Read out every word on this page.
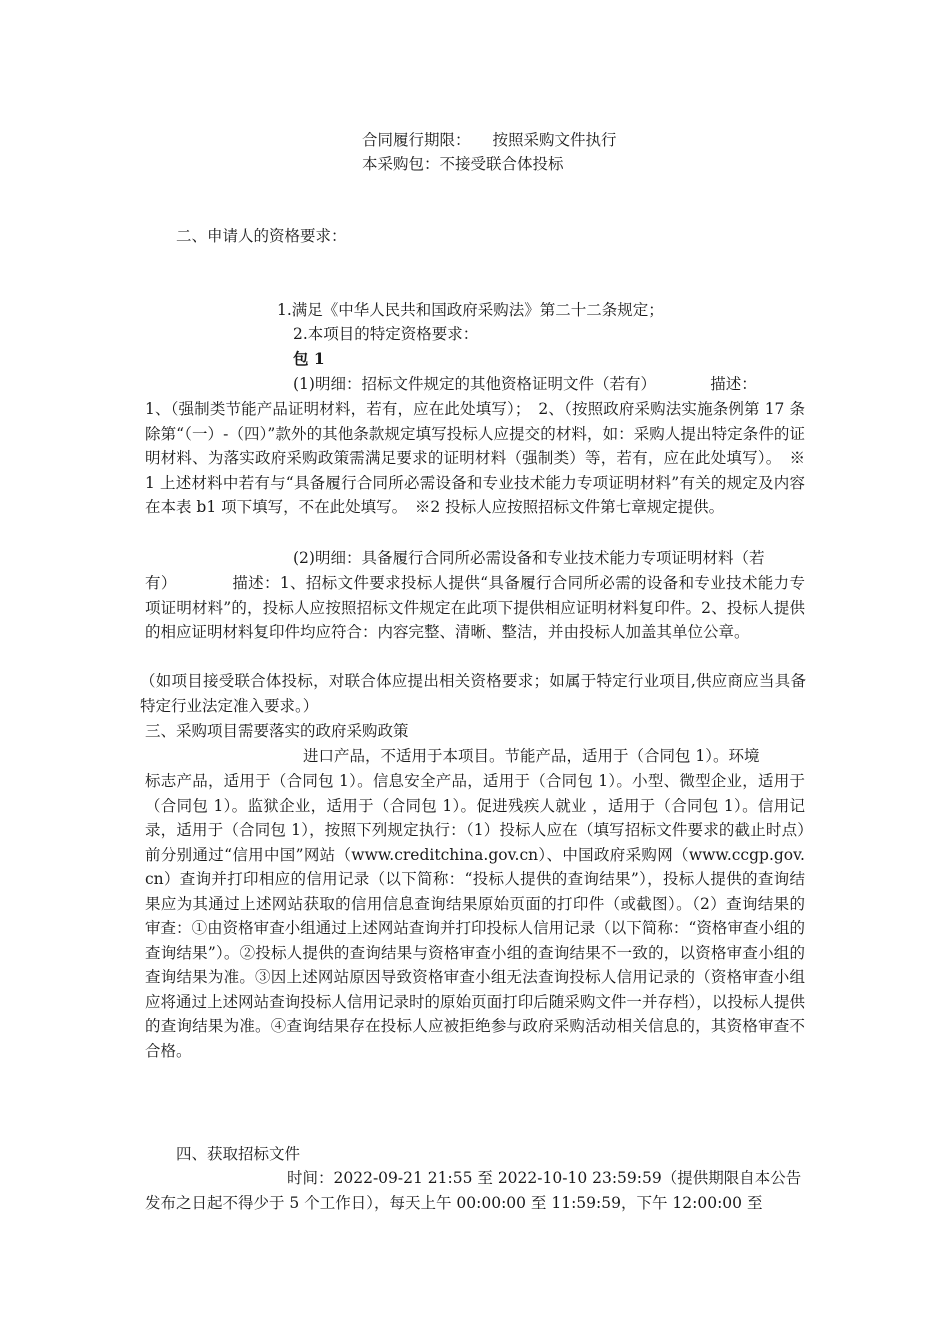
合同履行期限： 按照采购文件执行
本采购包：不接受联合体投标
二、申请人的资格要求：
1.满足《中华人民共和国政府采购法》第二十二条规定；
2.本项目的特定资格要求：
包 1
(1)明细：招标文件规定的其他资格证明文件（若有）　　　　描述：
1、（强制类节能产品证明材料，若有，应在此处填写）；　2、（按照政府采购法实施条例第 17 条除第“（一）-（四）”款外的其他条款规定填写投标人应提交的材料，如：采购人提出特定条件的证明材料、为落实政府采购政策需满足要求的证明材料（强制类）等，若有，应在此处填写）。　※1 上述材料中若有与“具备履行合同所必需设备和专业技术能力专项证明材料”有关的规定及内容在本表 b1 项下填写，不在此处填写。　※2 投标人应按照招标文件第七章规定提供。
(2)明细：具备履行合同所必需设备和专业技术能力专项证明材料（若
有）　　　　描述：1、招标文件要求投标人提供“具备履行合同所必需的设备和专业技术能力专项证明材料”的，投标人应按照招标文件规定在此项下提供相应证明材料复印件。2、投标人提供的相应证明材料复印件均应符合：内容完整、清晰、整洁，并由投标人加盖其单位公章。
（如项目接受联合体投标，对联合体应提出相关资格要求；如属于特定行业项目,供应商应当具备特定行业法定准入要求。）
三、采购项目需要落实的政府采购政策
进口产品，不适用于本项目。节能产品，适用于（合同包 1）。环境
标志产品，适用于（合同包 1）。信息安全产品，适用于（合同包 1）。小型、微型企业，适用于（合同包 1）。监狱企业，适用于（合同包 1）。促进残疾人就业 ，适用于（合同包 1）。信用记录，适用于（合同包 1），按照下列规定执行：（1）投标人应在（填写招标文件要求的截止时点）前分别通过“信用中国”网站（www.creditchina.gov.cn）、中国政府采购网（www.ccgp.gov.cn）查询并打印相应的信用记录（以下简称：“投标人提供的查询结果”），投标人提供的查询结果应为其通过上述网站获取的信用信息查询结果原始页面的打印件（或截图）。（2）查询结果的审查：①由资格审查小组通过上述网站查询并打印投标人信用记录（以下简称：“资格审查小组的查询结果”）。②投标人提供的查询结果与资格审查小组的查询结果不一致的，以资格审查小组的查询结果为准。③因上述网站原因导致资格审查小组无法查询投标人信用记录的（资格审查小组应将通过上述网站查询投标人信用记录时的原始页面打印后随采购文件一并存档），以投标人提供的查询结果为准。④查询结果存在投标人应被拒绝参与政府采购活动相关信息的，其资格审查不合格。
四、获取招标文件
时间：2022-09-21 21:55 至 2022-10-10 23:59:59（提供期限自本公告
发布之日起不得少于 5 个工作日），每天上午 00:00:00 至 11:59:59，下午 12:00:00 至
